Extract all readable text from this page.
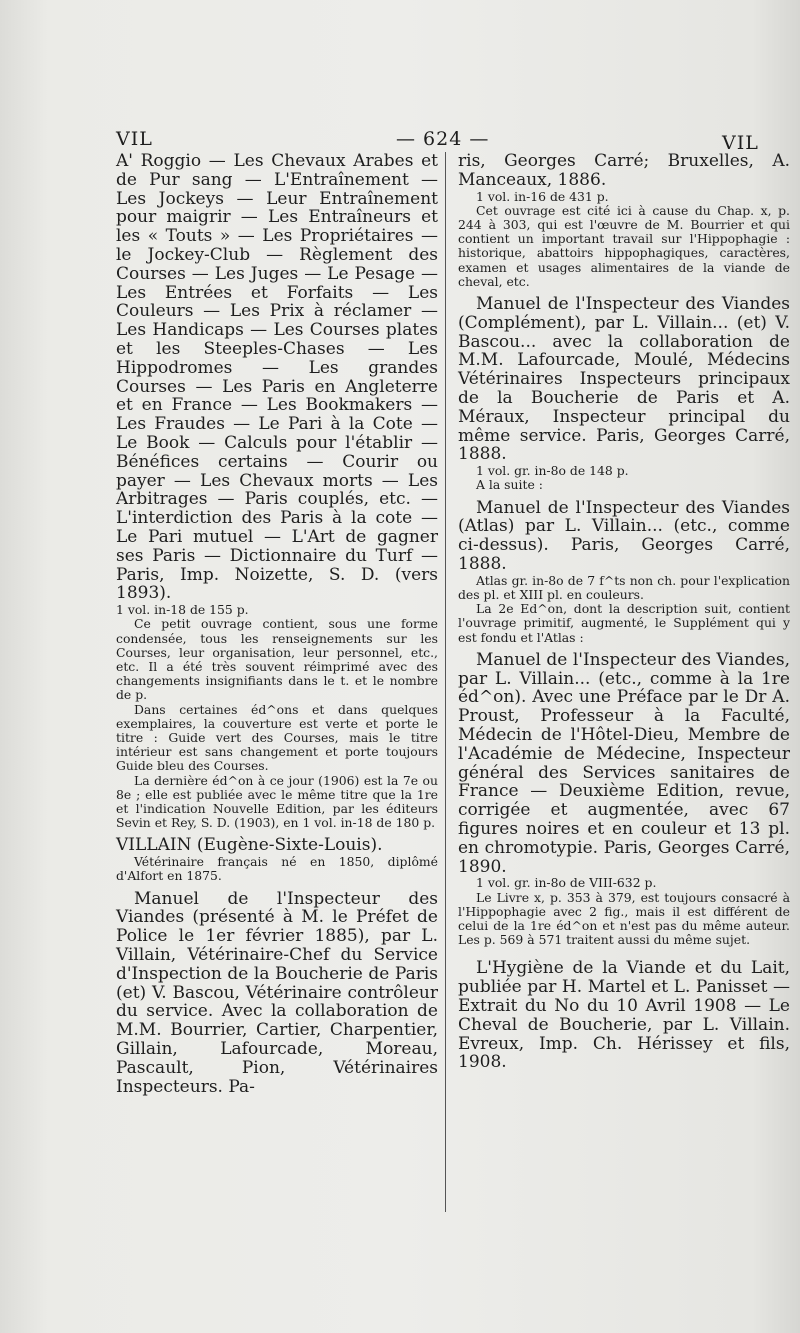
VIL	— 624 —	VIL

A' Roggio — Les Chevaux Arabes et de Pur sang — L'Entraînement — Les Jockeys — Leur Entraînement pour maigrir — Les Entraîneurs et les « Touts » — Les Propriétaires — le Jockey-Club — Règlement des Courses — Les Juges — Le Pesage — Les Entrées et Forfaits — Les Couleurs — Les Prix à réclamer — Les Handicaps — Les Courses plates et les Steeples-Chases — Les Hippodromes — Les grandes Courses — Les Paris en Angleterre et en France — Les Bookmakers — Les Fraudes — Le Pari à la Cote — Le Book — Calculs pour l'établir — Bénéfices certains — Courir ou payer — Les Chevaux morts — Les Arbitrages — Paris couplés, etc. — L'interdiction des Paris à la cote — Le Pari mutuel — L'Art de gagner ses Paris — Dictionnaire du Turf — Paris, Imp. Noizette, S. D. (vers 1893).

1 vol. in-18 de 155 p.

Ce petit ouvrage contient, sous une forme condensée, tous les renseignements sur les Courses, leur organisation, leur personnel, etc., etc. Il a été très souvent réimprimé avec des changements insignifiants dans le t. et le nombre de p.

Dans certaines éd^ons et dans quelques exemplaires, la couverture est verte et porte le titre : Guide vert des Courses, mais le titre intérieur est sans changement et porte toujours Guide bleu des Courses.

La dernière éd^on à ce jour (1906) est la 7e ou 8e ; elle est publiée avec le même titre que la 1re et l'indication Nouvelle Edition, par les éditeurs Sevin et Rey, S. D. (1903), en 1 vol. in-18 de 180 p.

VILLAIN (Eugène-Sixte-Louis).

Vétérinaire français né en 1850, diplômé d'Alfort en 1875.

Manuel de l'Inspecteur des Viandes (présenté à M. le Préfet de Police le 1er février 1885), par L. Villain, Vétérinaire-Chef du Service d'Inspection de la Boucherie de Paris (et) V. Bascou, Vétérinaire contrôleur du service. Avec la collaboration de M.M. Bourrier, Cartier, Charpentier, Gillain, Lafourcade, Moreau, Pascault, Pion, Vétérinaires Inspecteurs. Pa-

ris, Georges Carré; Bruxelles, A. Manceaux, 1886.

1 vol. in-16 de 431 p.

Cet ouvrage est cité ici à cause du Chap. x, p. 244 à 303, qui est l'œuvre de M. Bourrier et qui contient un important travail sur l'Hippophagie : historique, abattoirs hippophagiques, caractères, examen et usages alimentaires de la viande de cheval, etc.

Manuel de l'Inspecteur des Viandes (Complément), par L. Villain... (et) V. Bascou... avec la collaboration de M.M. Lafourcade, Moulé, Médecins Vétérinaires Inspecteurs principaux de la Boucherie de Paris et A. Méraux, Inspecteur principal du même service. Paris, Georges Carré, 1888.

1 vol. gr. in-8o de 148 p.

A la suite :

Manuel de l'Inspecteur des Viandes (Atlas) par L. Villain... (etc., comme ci-dessus). Paris, Georges Carré, 1888.

Atlas gr. in-8o de 7 f^ts non ch. pour l'explication des pl. et XIII pl. en couleurs.

La 2e Ed^on, dont la description suit, contient l'ouvrage primitif, augmenté, le Supplément qui y est fondu et l'Atlas :

Manuel de l'Inspecteur des Viandes, par L. Villain... (etc., comme à la 1re éd^on). Avec une Préface par le Dr A. Proust, Professeur à la Faculté, Médecin de l'Hôtel-Dieu, Membre de l'Académie de Médecine, Inspecteur général des Services sanitaires de France — Deuxième Edition, revue, corrigée et augmentée, avec 67 figures noires et en couleur et 13 pl. en chromotypie. Paris, Georges Carré, 1890.

1 vol. gr. in-8o de VIII-632 p.

Le Livre x, p. 353 à 379, est toujours consacré à l'Hippophagie avec 2 fig., mais il est différent de celui de la 1re éd^on et n'est pas du même auteur. Les p. 569 à 571 traitent aussi du même sujet.

L'Hygiène de la Viande et du Lait, publiée par H. Martel et L. Panisset — Extrait du No du 10 Avril 1908 — Le Cheval de Boucherie, par L. Villain. Evreux, Imp. Ch. Hérissey et fils, 1908.
